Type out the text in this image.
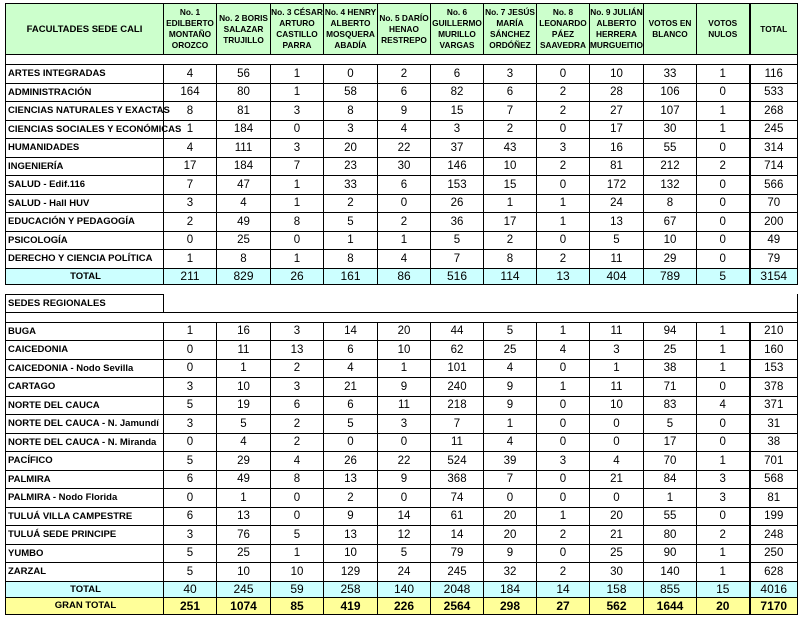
FACULTADES SEDE CALI	No. 1 EDILBERTO MONTAÑO OROZCO	No. 2 BORIS SALAZAR TRUJILLO	No. 3 CÉSAR ARTURO CASTILLO PARRA	No. 4 HENRY ALBERTO MOSQUERA ABADÍA	No. 5 DARÍO HENAO RESTREPO	No. 6 GUILLERMO MURILLO VARGAS	No. 7 JESÚS MARÍA SÁNCHEZ ORDÓÑEZ	No. 8 LEONARDO PÁEZ SAAVEDRA	No. 9 JULIÁN ALBERTO HERRERA MURGUEITIO	VOTOS EN BLANCO	VOTOS NULOS	TOTAL

ARTES INTEGRADAS	4	56	1	0	2	6	3	0	10	33	1	116
ADMINISTRACIÓN	164	80	1	58	6	82	6	2	28	106	0	533
CIENCIAS NATURALES Y EXACTAS	8	81	3	8	9	15	7	2	27	107	1	268
CIENCIAS SOCIALES Y ECONÓMICAS	1	184	0	3	4	3	2	0	17	30	1	245
HUMANIDADES	4	111	3	20	22	37	43	3	16	55	0	314
INGENIERÍA	17	184	7	23	30	146	10	2	81	212	2	714
SALUD - Edif.116	7	47	1	33	6	153	15	0	172	132	0	566
SALUD - Hall HUV	3	4	1	2	0	26	1	1	24	8	0	70
EDUCACIÓN Y PEDAGOGÍA	2	49	8	5	2	36	17	1	13	67	0	200
PSICOLOGÍA	0	25	0	1	1	5	2	0	5	10	0	49
DERECHO Y CIENCIA POLÍTICA	1	8	1	8	4	7	8	2	11	29	0	79
TOTAL	211	829	26	161	86	516	114	13	404	789	5	3154

SEDES REGIONALES												

BUGA	1	16	3	14	20	44	5	1	11	94	1	210
CAICEDONIA	0	11	13	6	10	62	25	4	3	25	1	160
CAICEDONIA - Nodo Sevilla	0	1	2	4	1	101	4	0	1	38	1	153
CARTAGO	3	10	3	21	9	240	9	1	11	71	0	378
NORTE DEL CAUCA	5	19	6	6	11	218	9	0	10	83	4	371
NORTE DEL CAUCA - N. Jamundí	3	5	2	5	3	7	1	0	0	5	0	31
NORTE DEL CAUCA - N. Miranda	0	4	2	0	0	11	4	0	0	17	0	38
PACÍFICO	5	29	4	26	22	524	39	3	4	70	1	701
PALMIRA	6	49	8	13	9	368	7	0	21	84	3	568
PALMIRA - Nodo Florida	0	1	0	2	0	74	0	0	0	1	3	81
TULUÁ VILLA CAMPESTRE	6	13	0	9	14	61	20	1	20	55	0	199
TULUÁ SEDE PRINCIPE	3	76	5	13	12	14	20	2	21	80	2	248
YUMBO	5	25	1	10	5	79	9	0	25	90	1	250
ZARZAL	5	10	10	129	24	245	32	2	30	140	1	628
TOTAL	40	245	59	258	140	2048	184	14	158	855	15	4016
GRAN TOTAL	251	1074	85	419	226	2564	298	27	562	1644	20	7170
